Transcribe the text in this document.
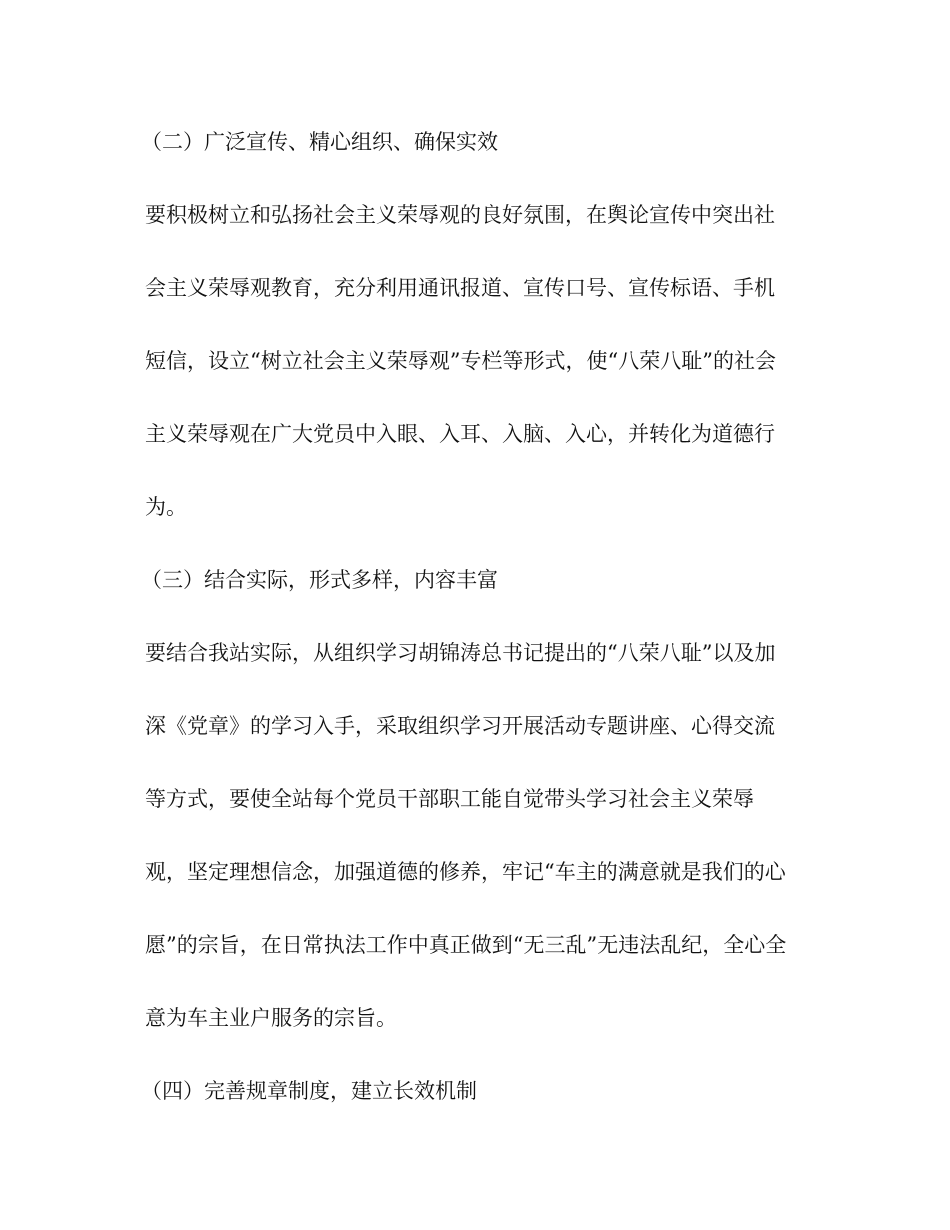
（二）广泛宣传、精心组织、确保实效
要积极树立和弘扬社会主义荣辱观的良好氛围，在舆论宣传中突出社
会主义荣辱观教育，充分利用通讯报道、宣传口号、宣传标语、手机
短信，设立“树立社会主义荣辱观”专栏等形式，使“八荣八耻”的社会
主义荣辱观在广大党员中入眼、入耳、入脑、入心，并转化为道德行
为。
（三）结合实际，形式多样，内容丰富
要结合我站实际，从组织学习胡锦涛总书记提出的“八荣八耻”以及加
深《党章》的学习入手，采取组织学习开展活动专题讲座、心得交流
等方式，要使全站每个党员干部职工能自觉带头学习社会主义荣辱
观，坚定理想信念，加强道德的修养，牢记“车主的满意就是我们的心
愿”的宗旨，在日常执法工作中真正做到“无三乱”无违法乱纪，全心全
意为车主业户服务的宗旨。
（四）完善规章制度，建立长效机制
